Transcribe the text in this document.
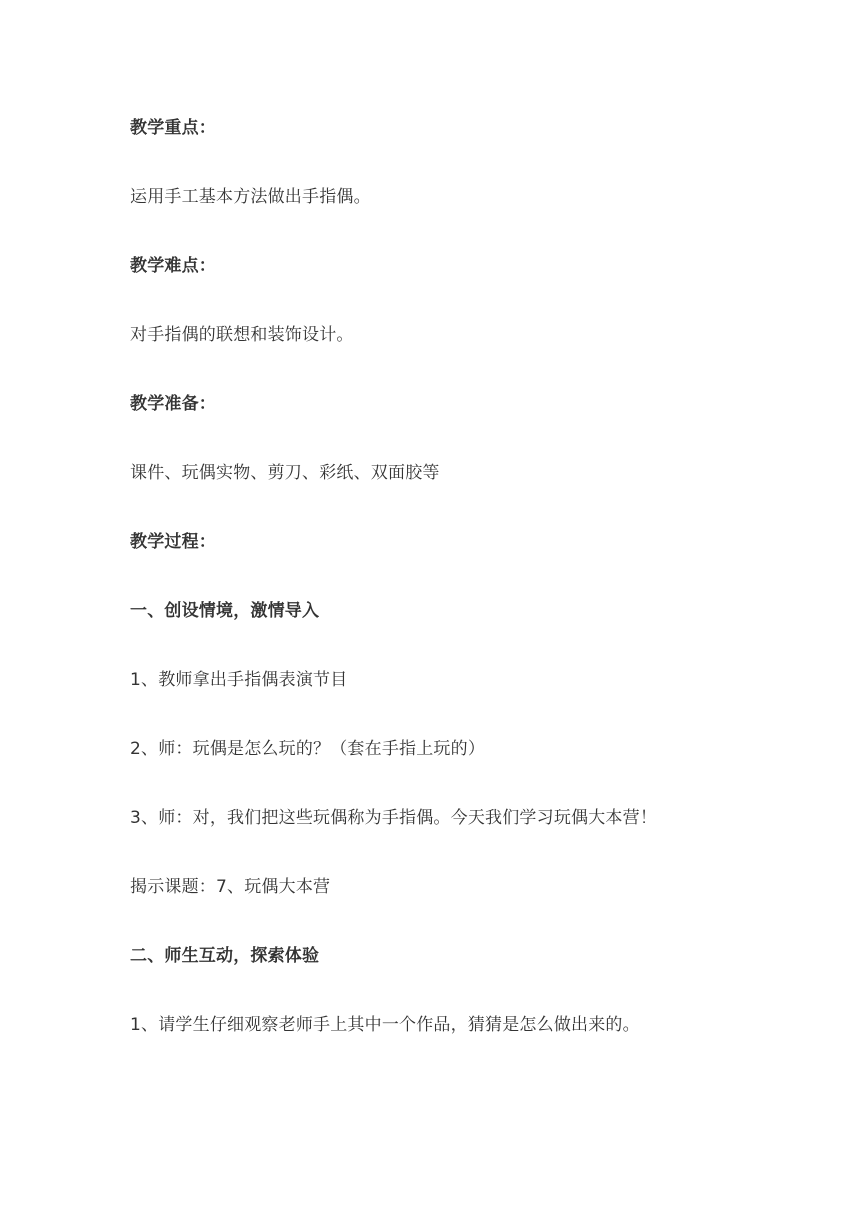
教学重点：
运用手工基本方法做出手指偶。
教学难点：
对手指偶的联想和装饰设计。
教学准备：
课件、玩偶实物、剪刀、彩纸、双面胶等
教学过程：
一、创设情境，激情导入
1、教师拿出手指偶表演节目
2、师：玩偶是怎么玩的？（套在手指上玩的）
3、师：对，我们把这些玩偶称为手指偶。今天我们学习玩偶大本营！
揭示课题：7、玩偶大本营
二、师生互动，探索体验
1、请学生仔细观察老师手上其中一个作品，猜猜是怎么做出来的。
